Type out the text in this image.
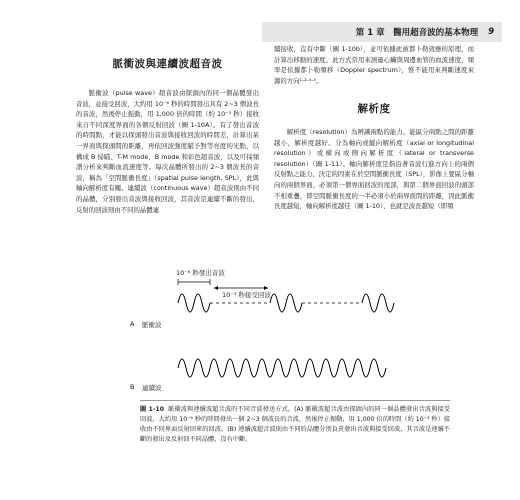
第 1 章　醫用超音波的基本物理 9
脈衝波與連續波超音波

脈衝波（pulse wave）超音波由探頭內的同一個晶體發出音波，並接受回波，大約用 10⁻⁶ 秒的時間發出具有 2~3 個波長的音波，然後停止振動，用 1,000 倍的時間（約 10⁻³ 秒）接收來自不同深度界面的各個反射回波（圖 1-10A）。有了發出音波的時間點，才能以探頭發出音波與接收回波的時間差，計算出某一界面與探頭間的距離，再依回波強度賦予對等亮度的光點，以構成 B 掃瞄、T-M mode、B mode 和彩色超音波，以及可採頻譜分析來判斷血流速度等。每次晶體所發出的 2~3 個波長的音波，稱為「空間脈衝長度」（spatial pulse length, SPL），此與軸向解析度有關。連續波（continuous wave）超音波則由不同的晶體，分別發出音波與接收回波，其音波是連續不斷的發出，反射的回波則由不同的晶體連

續接收，沒有中斷（圖 1-10b），並可依據此被都卜勒效應的原理，而計算出移動的速度。此方式常用來測量心臟與周邊血管的血流速度，頻率是依據都卜勒頻移（Doppler spectrum），惟不能用來判斷速度來源的方向¹·²·⁴·⁵。

解析度

解析度（resolution）為辨識兩點的能力。能區分兩點之間的距離越小，解析度越好。分為軸向或縱向解析度（axial or longitudinal resolution）或橫向或側向解析度（lateral or transverse resolution）（圖 1-11）。軸向解析度是指沿著音波行進方向上的兩個反射點之能力，決定的因素在於空間脈衝長度（SPL），影像上要區分軸向的兩個界面，必須第一個界面回波的尾部，與第二個界面回波的頭部不相重疊，即空間脈衝長度的一半必須小於兩界面間的距離，因此脈衝長度越短，軸向解析度越佳（圖 1-10），也就是波長越短（即頻

10⁻⁶ 秒發出音波
10⁻³ 秒接受回波
A 脈衝波
B 連續波
圖 1-10 脈衝波與連續波超音波的不同音波發送方式。(A) 脈衝波超音波由探頭內的同一個晶體發出音波與接受回波，大約用 10⁻⁶ 秒的時間發出一個 2~3 個波長的音波，然後停止振動，用 1,000 倍的時間（約 10⁻³ 秒）接收由不同界面反射回來的回波。(B) 連續波超音波則由不同的晶體分別負責發出音波與接受回波，其音波是連續不斷的發出及反射回不同晶體，沒有中斷。
